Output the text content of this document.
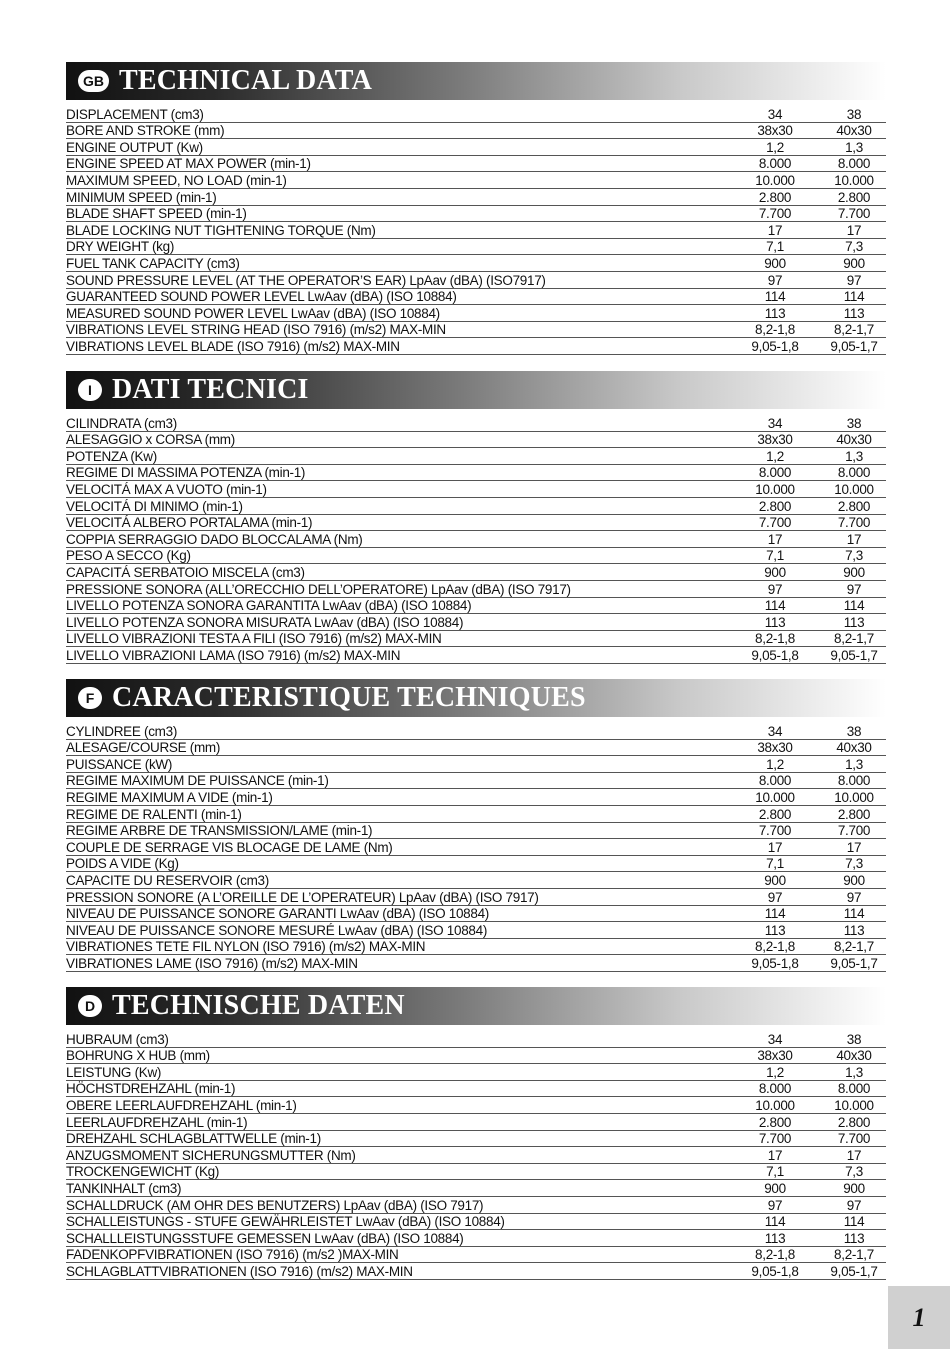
GB TECHNICAL DATA
DISPLACEMENT (cm3)	34	38
BORE AND STROKE (mm)	38x30	40x30
ENGINE OUTPUT (Kw)	1,2	1,3
ENGINE SPEED AT MAX POWER (min-1)	8.000	8.000
MAXIMUM SPEED, NO LOAD (min-1)	10.000	10.000
MINIMUM SPEED (min-1)	2.800	2.800
BLADE SHAFT SPEED (min-1)	7.700	7.700
BLADE LOCKING NUT TIGHTENING TORQUE (Nm)	17	17
DRY WEIGHT (kg)	7,1	7,3
FUEL TANK CAPACITY (cm3)	900	900
SOUND PRESSURE LEVEL (AT THE OPERATOR’S EAR) LpAav (dBA) (ISO7917)	97	97
GUARANTEED SOUND POWER LEVEL LwAav (dBA) (ISO 10884)	114	114
MEASURED SOUND POWER LEVEL LwAav (dBA) (ISO 10884)	113	113
VIBRATIONS LEVEL STRING HEAD (ISO 7916) (m/s2) MAX-MIN	8,2-1,8	8,2-1,7
VIBRATIONS LEVEL BLADE (ISO 7916) (m/s2) MAX-MIN	9,05-1,8	9,05-1,7
I DATI TECNICI
CILINDRATA (cm3)	34	38
ALESAGGIO x CORSA (mm)	38x30	40x30
POTENZA (Kw)	1,2	1,3
REGIME DI MASSIMA POTENZA (min-1)	8.000	8.000
VELOCITÁ MAX A VUOTO (min-1)	10.000	10.000
VELOCITÁ DI MINIMO (min-1)	2.800	2.800
VELOCITÁ ALBERO PORTALAMA (min-1)	7.700	7.700
COPPIA SERRAGGIO DADO BLOCCALAMA (Nm)	17	17
PESO A SECCO (Kg)	7,1	7,3
CAPACITÁ SERBATOIO MISCELA (cm3)	900	900
PRESSIONE SONORA (ALL’ORECCHIO DELL’OPERATORE) LpAav (dBA) (ISO 7917)	97	97
LIVELLO POTENZA SONORA GARANTITA LwAav (dBA) (ISO 10884)	114	114
LIVELLO POTENZA SONORA MISURATA LwAav (dBA) (ISO 10884)	113	113
LIVELLO VIBRAZIONI TESTA A FILI (ISO 7916) (m/s2) MAX-MIN	8,2-1,8	8,2-1,7
LIVELLO VIBRAZIONI LAMA (ISO 7916) (m/s2) MAX-MIN	9,05-1,8	9,05-1,7
F CARACTERISTIQUE TECHNIQUES
CYLINDREE (cm3)	34	38
ALESAGE/COURSE (mm)	38x30	40x30
PUISSANCE (kW)	1,2	1,3
REGIME MAXIMUM DE PUISSANCE (min-1)	8.000	8.000
REGIME MAXIMUM A VIDE (min-1)	10.000	10.000
REGIME DE RALENTI (min-1)	2.800	2.800
REGIME ARBRE DE TRANSMISSION/LAME (min-1)	7.700	7.700
COUPLE DE SERRAGE VIS BLOCAGE DE LAME (Nm)	17	17
POIDS A VIDE (Kg)	7,1	7,3
CAPACITE DU RESERVOIR (cm3)	900	900
PRESSION SONORE (A L’OREILLE DE L’OPERATEUR) LpAav (dBA) (ISO 7917)	97	97
NIVEAU DE PUISSANCE SONORE GARANTI LwAav (dBA) (ISO 10884)	114	114
NIVEAU DE PUISSANCE SONORE MESURÉ LwAav (dBA) (ISO 10884)	113	113
VIBRATIONES TETE FIL NYLON (ISO 7916) (m/s2) MAX-MIN	8,2-1,8	8,2-1,7
VIBRATIONES LAME (ISO 7916) (m/s2) MAX-MIN	9,05-1,8	9,05-1,7
D TECHNISCHE DATEN
HUBRAUM (cm3)	34	38
BOHRUNG X HUB (mm)	38x30	40x30
LEISTUNG (Kw)	1,2	1,3
HÖCHSTDREHZAHL (min-1)	8.000	8.000
OBERE LEERLAUFDREHZAHL (min-1)	10.000	10.000
LEERLAUFDREHZAHL (min-1)	2.800	2.800
DREHZAHL SCHLAGBLATTWELLE (min-1)	7.700	7.700
ANZUGSMOMENT SICHERUNGSMUTTER (Nm)	17	17
TROCKENGEWICHT (Kg)	7,1	7,3
TANKINHALT (cm3)	900	900
SCHALLDRUCK (AM OHR DES BENUTZERS) LpAav (dBA) (ISO 7917)	97	97
SCHALLEISTUNGS - STUFE GEWÄHRLEISTET LwAav (dBA) (ISO 10884)	114	114
SCHALLLEISTUNGSSTUFE GEMESSEN LwAav (dBA) (ISO 10884)	113	113
FADENKOPFVIBRATIONEN (ISO 7916) (m/s2 )MAX-MIN	8,2-1,8	8,2-1,7
SCHLAGBLATTVIBRATIONEN (ISO 7916) (m/s2) MAX-MIN	9,05-1,8	9,05-1,7
1
